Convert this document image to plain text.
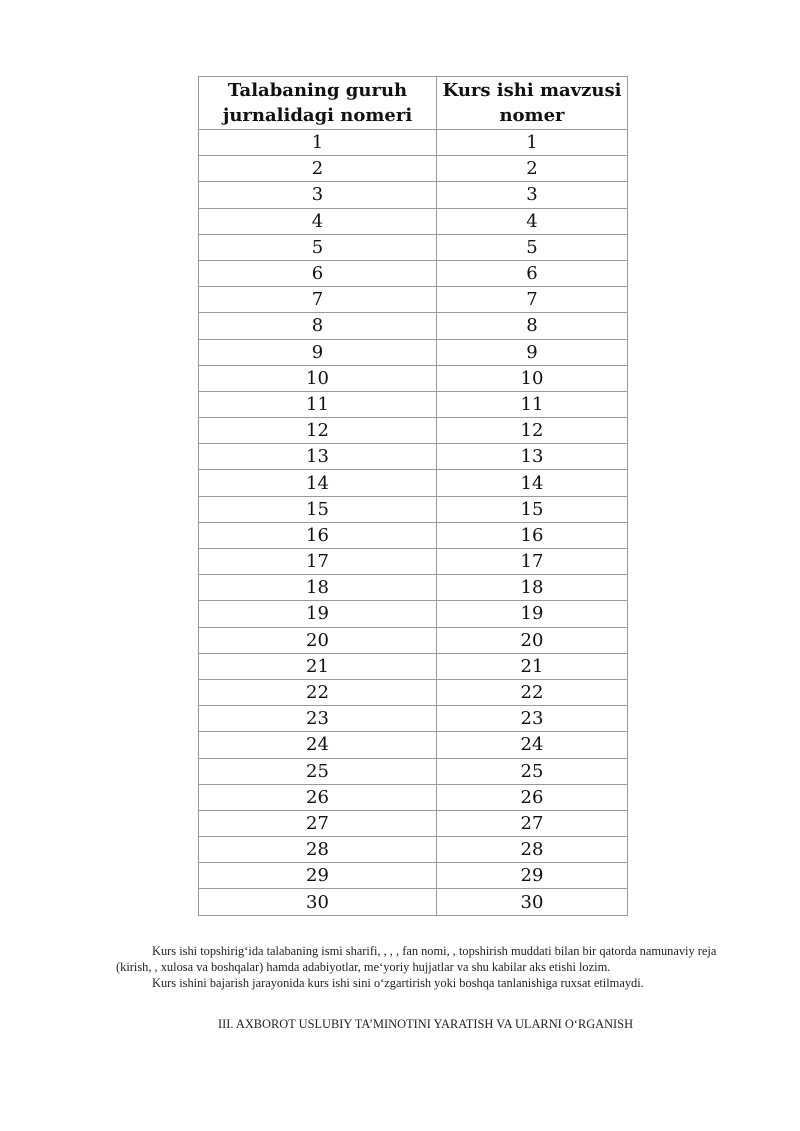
Talabaning guruh jurnalidagi nomeri	Kurs ishi mavzusi nomer

1	1
2	2
3	3
4	4
5	5
6	6
7	7
8	8
9	9
10	10
11	11
12	12
13	13
14	14
15	15
16	16
17	17
18	18
19	19
20	20
21	21
22	22
23	23
24	24
25	25
26	26
27	27
28	28
29	29
30	30

Kurs ishi topshirig‘ida talabaning ismi sharifi, , , , fan nomi, , topshirish muddati bilan bir qatorda namunaviy reja (kirish, , xulosa va boshqalar) hamda adabiyotlar, me‘yoriy hujjatlar va shu kabilar aks etishi lozim.

Kurs ishini bajarish jarayonida kurs ishi sini o‘zgartirish yoki boshqa tanlanishiga ruxsat etilmaydi.

III. AXBOROT USLUBIY TA’MINOTINI YARATISH VA ULARNI O‘RGANISH
